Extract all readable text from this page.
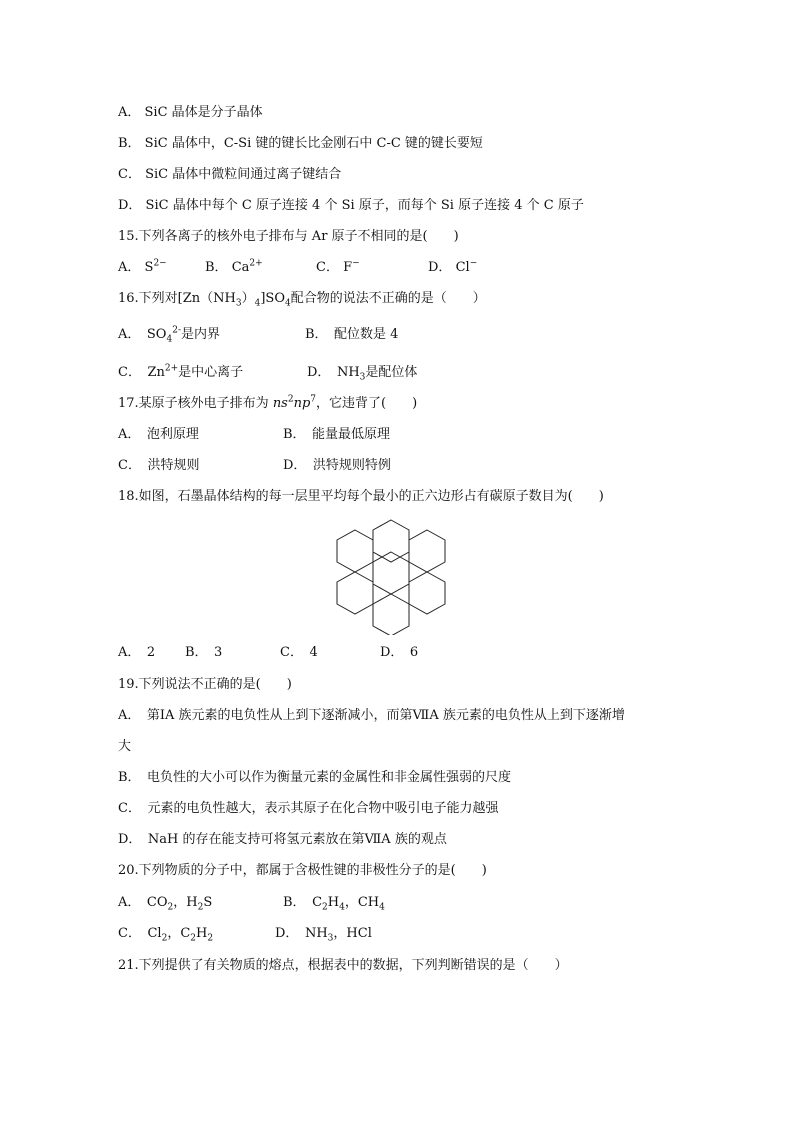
A． SiC 晶体是分子晶体
B． SiC 晶体中，C-Si 键的键长比金刚石中 C-C 键的键长要短
C． SiC 晶体中微粒间通过离子键结合
D． SiC 晶体中每个 C 原子连接 4 个 Si 原子，而每个 Si 原子连接 4 个 C 原子
15.下列各离子的核外电子排布与 Ar 原子不相同的是(　　)
A． $S^{2-}$	B． $Ca^{2+}$	C． F−	D． Cl−
16.下列对$[Zn(NH_3)_4]SO_4$配合物的说法不正确的是（　　）
A．　 $SO_4^{2-}$是内界	B．　配位数是 4
C．　 $Zn^{2+}$是中心离子	D．　 $NH_3$是配位体
17.某原子核外电子排布为 $ns^2np^7$，它违背了(　　)
A．　泡利原理	B．　能量最低原理
C．　洪特规则	D．　洪特规则特例
18.如图，石墨晶体结构的每一层里平均每个最小的正六边形占有碳原子数目为(　　)
A．　2 B．　3	C．　4	D．　6
19.下列说法不正确的是(　　)
A．　第ⅠA 族元素的电负性从上到下逐渐减小，而第ⅦA 族元素的电负性从上到下逐渐增
大
B．　电负性的大小可以作为衡量元素的金属性和非金属性强弱的尺度
C．　元素的电负性越大，表示其原子在化合物中吸引电子能力越强
D．　NaH 的存在能支持可将氢元素放在第ⅦA 族的观点
20.下列物质的分子中，都属于含极性键的非极性分子的是(　　)
A．　 $CO_2$，$H_2S$	B．　 $C_2H_4$，$CH_4$
C．　 $Cl_2$，$C_2H_2$	D．　 $NH_3$，HCl
21.下列提供了有关物质的熔点，根据表中的数据，下列判断错误的是（　　）
